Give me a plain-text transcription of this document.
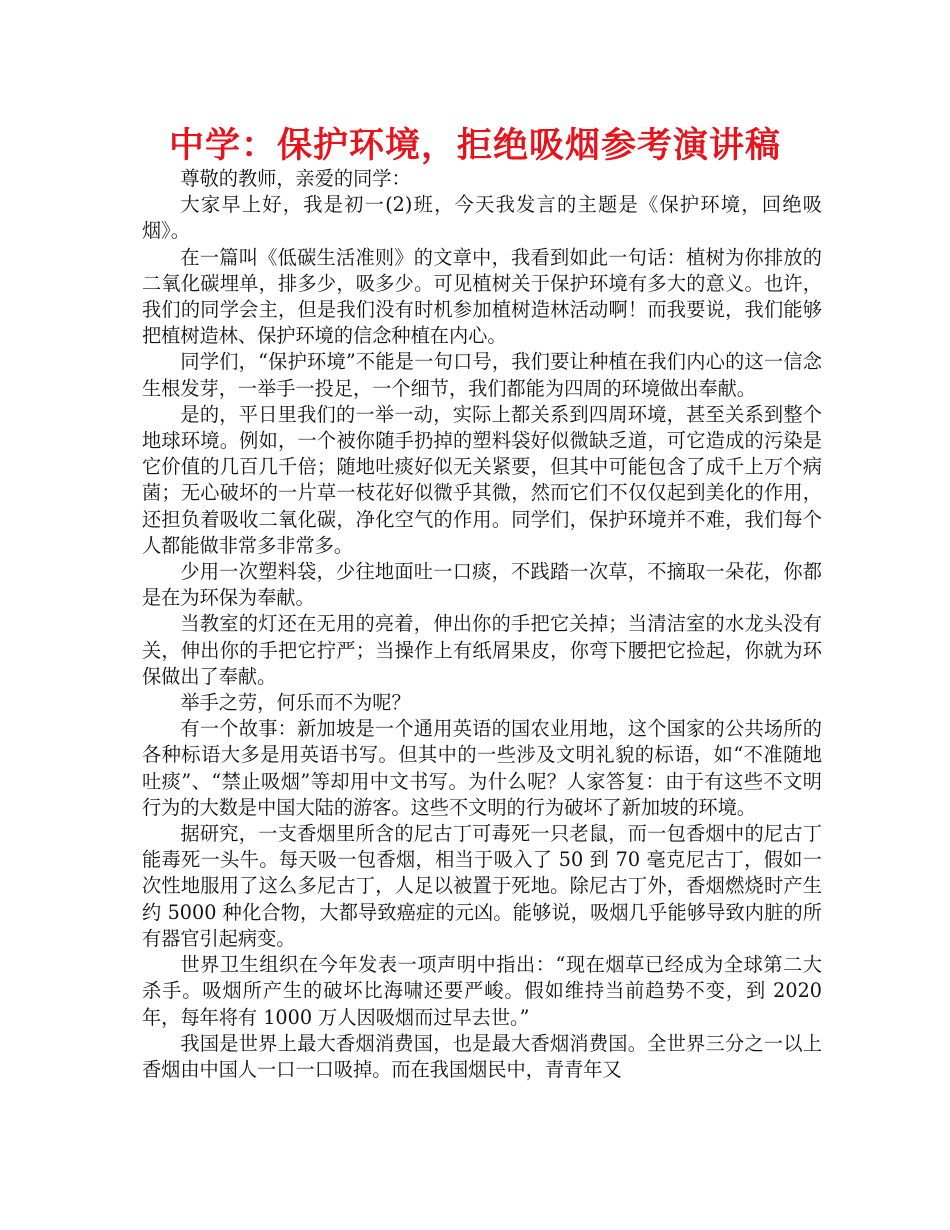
中学：保护环境，拒绝吸烟参考演讲稿

尊敬的教师，亲爱的同学：

大家早上好，我是初一(2)班，今天我发言的主题是《保护环境，回绝吸烟》。

在一篇叫《低碳生活准则》的文章中，我看到如此一句话：植树为你排放的二氧化碳埋单，排多少，吸多少。可见植树关于保护环境有多大的意义。也许，我们的同学会主，但是我们没有时机参加植树造林活动啊！而我要说，我们能够把植树造林、保护环境的信念种植在内心。

同学们，“保护环境”不能是一句口号，我们要让种植在我们内心的这一信念生根发芽，一举手一投足，一个细节，我们都能为四周的环境做出奉献。

是的，平日里我们的一举一动，实际上都关系到四周环境，甚至关系到整个地球环境。例如，一个被你随手扔掉的塑料袋好似微缺乏道，可它造成的污染是它价值的几百几千倍；随地吐痰好似无关紧要，但其中可能包含了成千上万个病菌；无心破坏的一片草一枝花好似微乎其微，然而它们不仅仅起到美化的作用，还担负着吸收二氧化碳，净化空气的作用。同学们，保护环境并不难，我们每个人都能做非常多非常多。

少用一次塑料袋，少往地面吐一口痰，不践踏一次草，不摘取一朵花，你都是在为环保为奉献。

当教室的灯还在无用的亮着，伸出你的手把它关掉；当清洁室的水龙头没有关，伸出你的手把它拧严；当操作上有纸屑果皮，你弯下腰把它捡起，你就为环保做出了奉献。

举手之劳，何乐而不为呢？

有一个故事：新加坡是一个通用英语的国农业用地，这个国家的公共场所的各种标语大多是用英语书写。但其中的一些涉及文明礼貌的标语，如“不准随地吐痰”、“禁止吸烟”等却用中文书写。为什么呢？人家答复：由于有这些不文明行为的大数是中国大陆的游客。这些不文明的行为破坏了新加坡的环境。

据研究，一支香烟里所含的尼古丁可毒死一只老鼠，而一包香烟中的尼古丁能毒死一头牛。每天吸一包香烟，相当于吸入了 50 到 70 毫克尼古丁，假如一次性地服用了这么多尼古丁，人足以被置于死地。除尼古丁外，香烟燃烧时产生约 5000 种化合物，大都导致癌症的元凶。能够说，吸烟几乎能够导致内脏的所有器官引起病变。

世界卫生组织在今年发表一项声明中指出：“现在烟草已经成为全球第二大杀手。吸烟所产生的破坏比海啸还要严峻。假如维持当前趋势不变，到 2020 年，每年将有 1000 万人因吸烟而过早去世。”

我国是世界上最大香烟消费国，也是最大香烟消费国。全世界三分之一以上香烟由中国人一口一口吸掉。而在我国烟民中，青青年又
